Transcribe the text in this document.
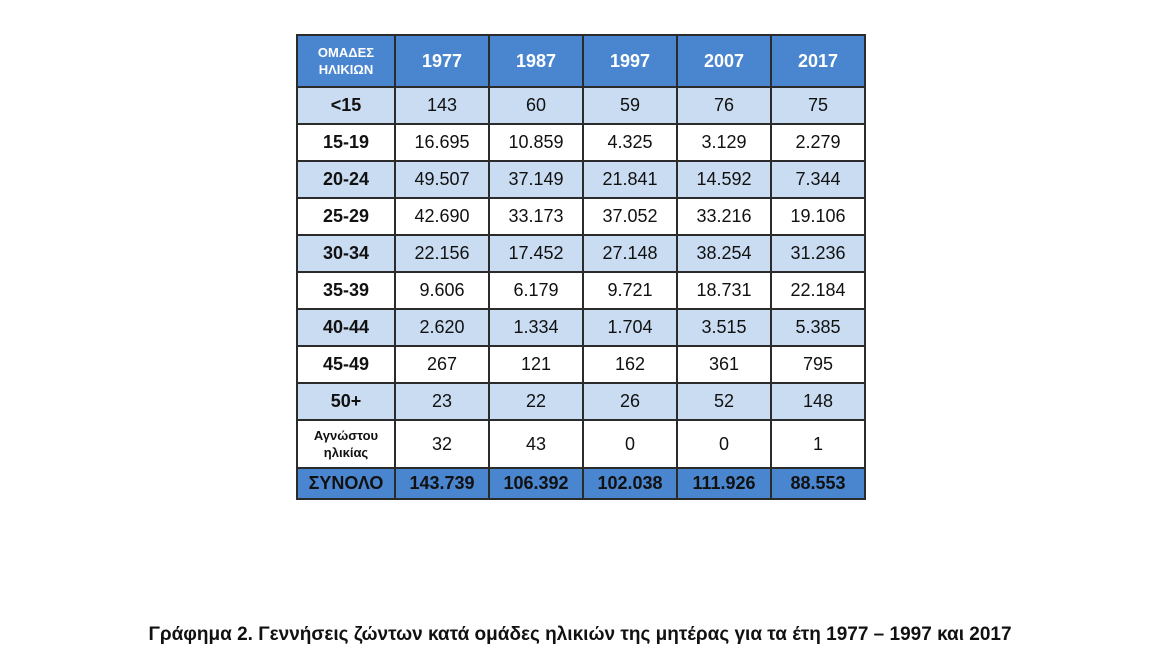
ΟΜΑΔΕΣ
ΗΛΙΚΙΩΝ	1977	1987	1997	2007	2017
<15	143	60	59	76	75
15-19	16.695	10.859	4.325	3.129	2.279
20-24	49.507	37.149	21.841	14.592	7.344
25-29	42.690	33.173	37.052	33.216	19.106
30-34	22.156	17.452	27.148	38.254	31.236
35-39	9.606	6.179	9.721	18.731	22.184
40-44	2.620	1.334	1.704	3.515	5.385
45-49	267	121	162	361	795
50+	23	22	26	52	148
Αγνώστου
ηλικίας	32	43	0	0	1
ΣΥΝΟΛΟ	143.739	106.392	102.038	111.926	88.553
Γράφημα 2. Γεννήσεις ζώντων κατά ομάδες ηλικιών της μητέρας για τα έτη 1977 – 1997 και 2017
